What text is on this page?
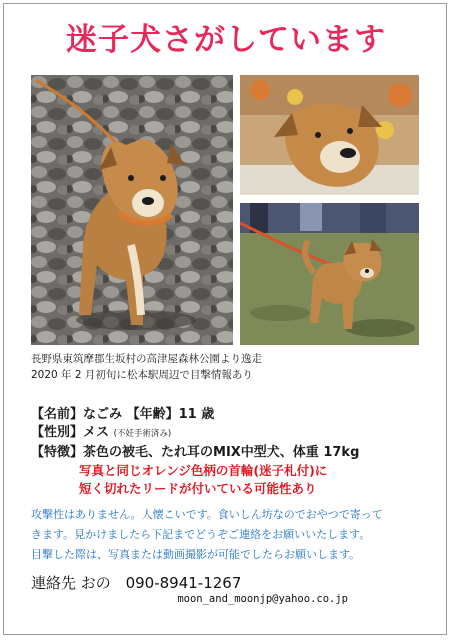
迷子犬さがしています
長野県東筑摩郡生坂村の高津屋森林公園より逸走
2020 年 2 月初旬に松本駅周辺で目撃情報あり
【名前】なごみ 【年齢】11 歳
【性別】メス (不妊手術済み)
【特徴】茶色の被毛、たれ耳のMIX中型犬、体重 17kg
写真と同じオレンジ色柄の首輪(迷子札付)に
短く切れたリードが付いている可能性あり
攻撃性はありません。人懐こいです。食いしん坊なのでおやつで寄って
きます。見かけましたら下記までどうぞご連絡をお願いいたします。
目撃した際は、写真または動画撮影が可能でしたらお願いします。
連絡先 おの 090-8941-1267
moon_and_moonjp@yahoo.co.jp
